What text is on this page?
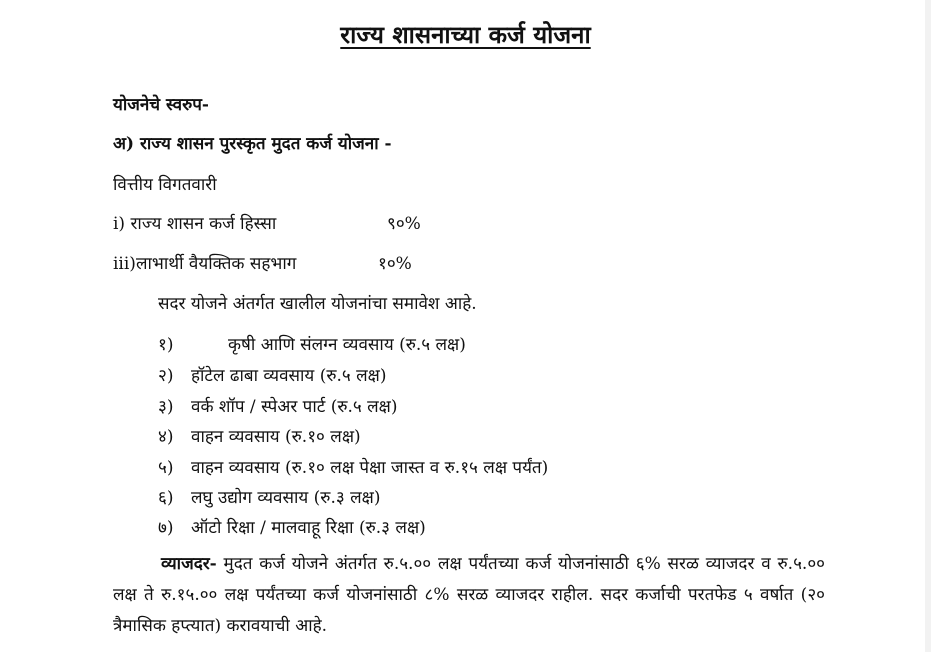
राज्य शासनाच्या कर्ज योजना
योजनेचे स्वरुप-
अ) राज्य शासन पुरस्कृत मुदत कर्ज योजना -
वित्तीय विगतवारी
i) राज्य शासन कर्ज हिस्सा	९०%
iii)लाभार्थी वैयक्तिक सहभाग	१०%
सदर योजने अंतर्गत खालील योजनांचा समावेश आहे.
१)	कृषी आणि संलग्न व्यवसाय (रु.५ लक्ष)
२) हॉटेल ढाबा व्यवसाय (रु.५ लक्ष)
३) वर्क शॉप / स्पेअर पार्ट (रु.५ लक्ष)
४) वाहन व्यवसाय (रु.१० लक्ष)
५) वाहन व्यवसाय (रु.१० लक्ष पेक्षा जास्त व रु.१५ लक्ष पर्यंत)
६) लघु उद्योग व्यवसाय (रु.३ लक्ष)
७) ऑटो रिक्षा / मालवाहू रिक्षा (रु.३ लक्ष)
व्याजदर- मुदत कर्ज योजने अंतर्गत रु.५.०० लक्ष पर्यंतच्या कर्ज योजनांसाठी ६% सरळ व्याजदर व रु.५.०० लक्ष ते रु.१५.०० लक्ष पर्यंतच्या कर्ज योजनांसाठी ८% सरळ व्याजदर राहील. सदर कर्जाची परतफेड ५ वर्षात (२० त्रैमासिक हप्त्यात) करावयाची आहे.
